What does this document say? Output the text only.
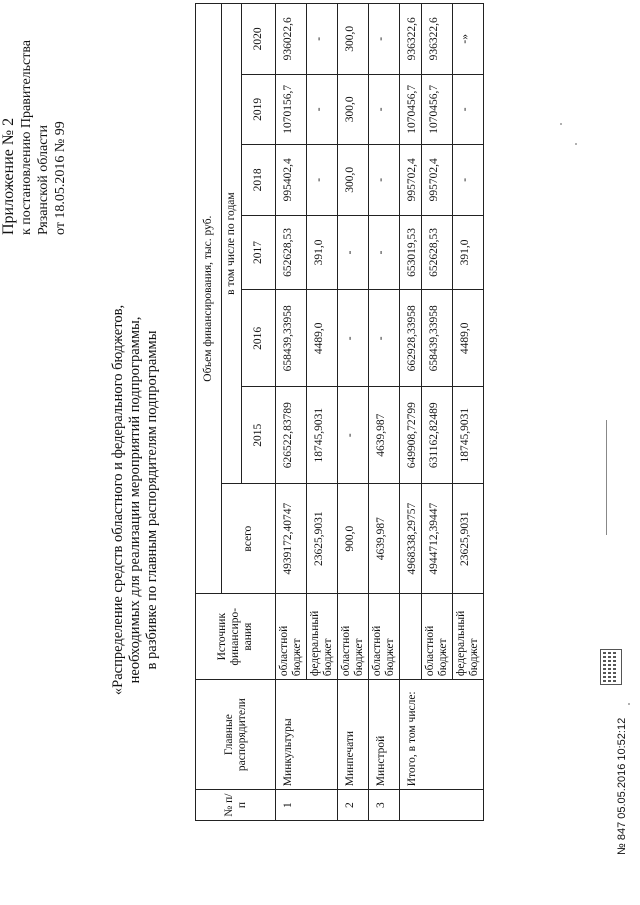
Приложение № 2 к постановлению Правительства Рязанской области от 18.05.2016 № 99
«Распределение средств областного и федерального бюджетов, необходимых для реализации мероприятий подпрограммы, в разбивке по главным распорядителям подпрограммы
№ п/п	Главные распорядители	Источник финансиро-вания	Объем финансирования, тыс. руб.						
			всего	в том числе по годам					
				2015	2016	2017	2018	2019	2020
1	Минкультуры	областной бюджет	4939172,40747	626522,83789	658439,33958	652628,53	995402,4	1070156,7	936022,6
		федеральный бюджет	23625,9031	18745,9031	4489,0	391,0	-	-	-
2	Минпечати	областной бюджет	900,0	-	-	-	300,0	300,0	300,0
3	Минстрой	областной бюджет	4639,987	4639,987	-	-	-	-	-
	Итого, в том числе:		4968338,29757	649908,72799	662928,33958	653019,53	995702,4	1070456,7	936322,6
		областной бюджет	4944712,39447	631162,82489	658439,33958	652628,53	995702,4	1070456,7	936322,6
		федеральный бюджет	23625,9031	18745,9031	4489,0	391,0	-	-	-»
№ 847 05.05.2016 10:52:12
